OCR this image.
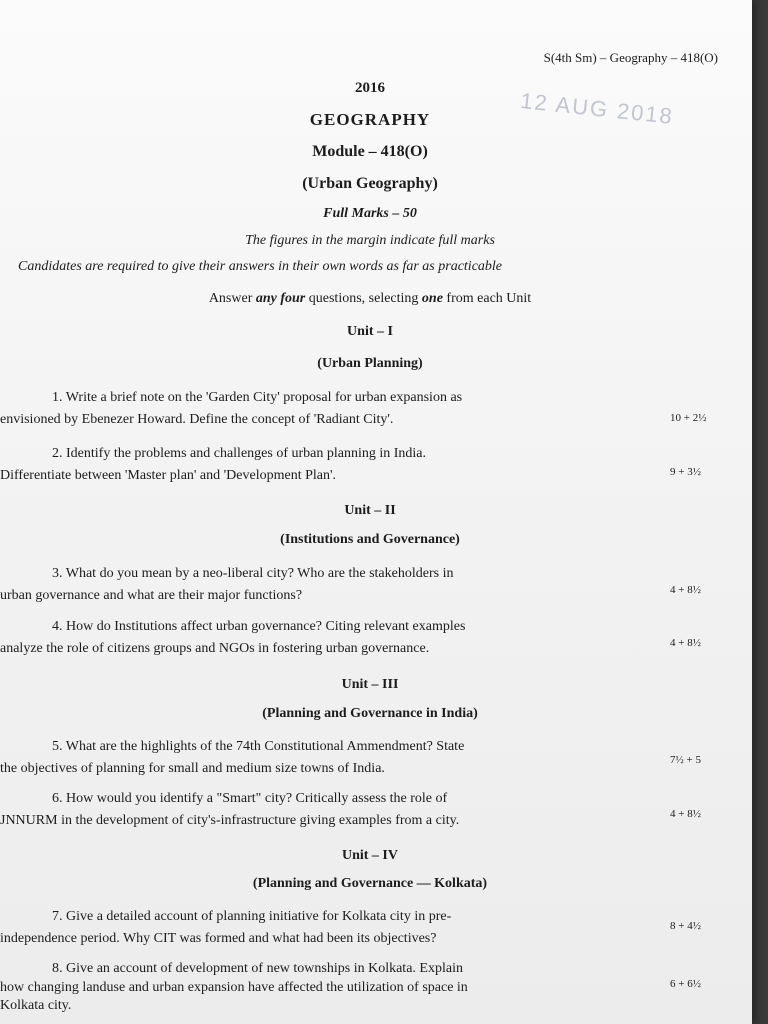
S(4th Sm) – Geography – 418(O)
12 AUG 2018
2016
GEOGRAPHY
Module – 418(O)
(Urban Geography)
Full Marks – 50
The figures in the margin indicate full marks
Candidates are required to give their answers in their own words as far as practicable
Answer any four questions, selecting one from each Unit
Unit – I
(Urban Planning)
1. Write a brief note on the 'Garden City' proposal for urban expansion as
envisioned by Ebenezer Howard. Define the concept of 'Radiant City'.	10 + 2½
2. Identify the problems and challenges of urban planning in India.
Differentiate between 'Master plan' and 'Development Plan'.	9 + 3½
Unit – II
(Institutions and Governance)
3. What do you mean by a neo-liberal city? Who are the stakeholders in
urban governance and what are their major functions?	4 + 8½
4. How do Institutions affect urban governance? Citing relevant examples
analyze the role of citizens groups and NGOs in fostering urban governance.	4 + 8½
Unit – III
(Planning and Governance in India)
5. What are the highlights of the 74th Constitutional Ammendment? State
the objectives of planning for small and medium size towns of India.
7½ + 5
6. How would you identify a "Smart" city? Critically assess the role of
JNNURM in the development of city's-infrastructure giving examples from a city.	4 + 8½
Unit – IV
(Planning and Governance — Kolkata)
7. Give a detailed account of planning initiative for Kolkata city in pre-
independence period. Why CIT was formed and what had been its objectives?
8 + 4½
8. Give an account of development of new townships in Kolkata. Explain
how changing landuse and urban expansion have affected the utilization of space in
Kolkata city.
6 + 6½
